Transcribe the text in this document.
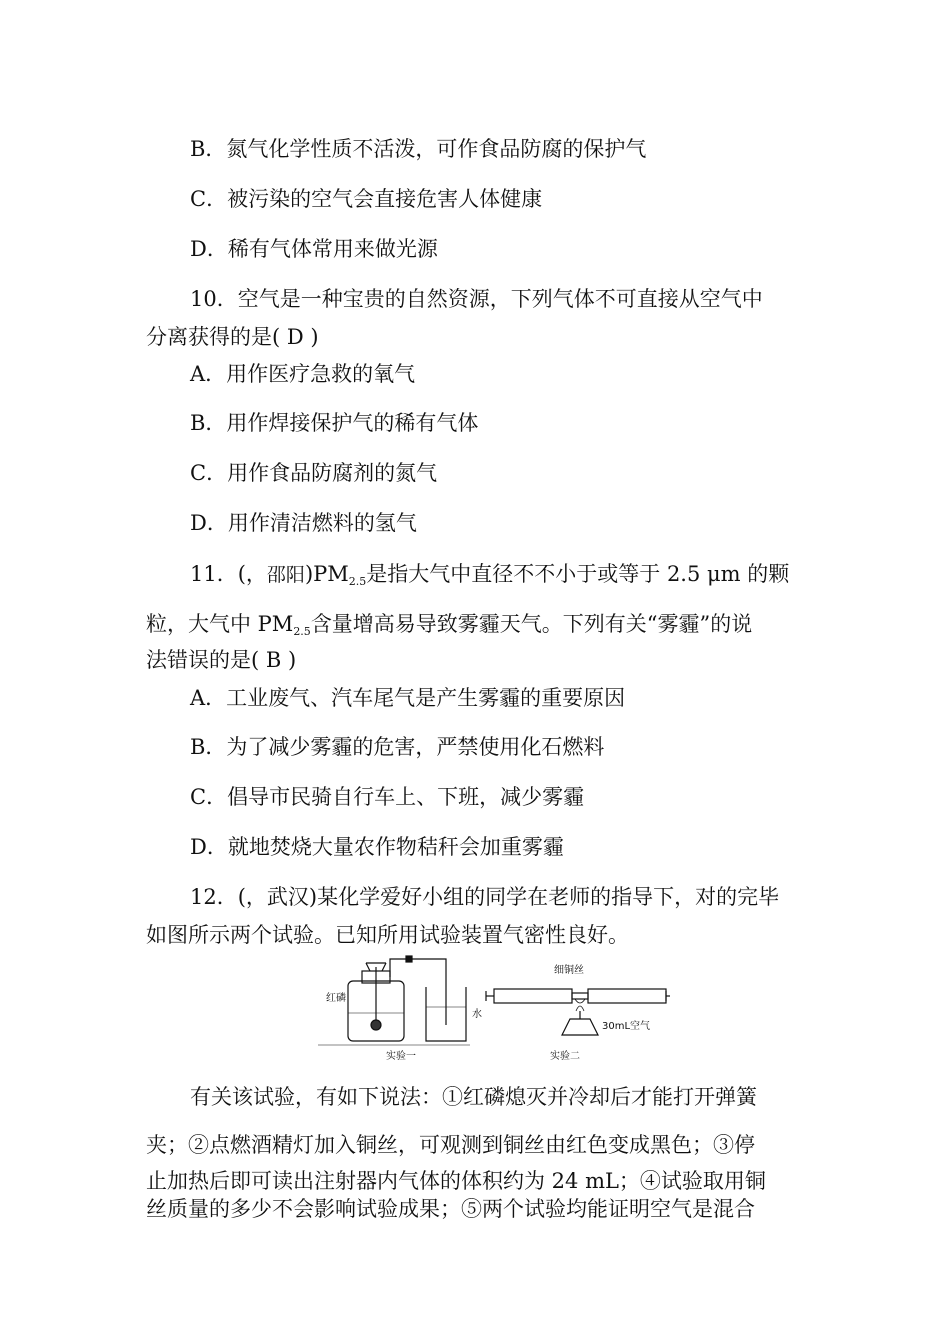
B．氮气化学性质不活泼，可作食品防腐的保护气
C．被污染的空气会直接危害人体健康
D．稀有气体常用来做光源
10．空气是一种宝贵的自然资源，下列气体不可直接从空气中
分离获得的是( D )
A．用作医疗急救的氧气
B．用作焊接保护气的稀有气体
C．用作食品防腐剂的氮气
D．用作清洁燃料的氢气
11．(，邵阳)$PM_{2.5}$是指大气中直径不不小于或等于 2.5 μm 的颗
粒，大气中 $PM_{2.5}$含量增高易导致雾霾天气。下列有关“雾霾”的说
法错误的是( B )
A．工业废气、汽车尾气是产生雾霾的重要原因
B．为了减少雾霾的危害，严禁使用化石燃料
C．倡导市民骑自行车上、下班，减少雾霾
D．就地焚烧大量农作物秸秆会加重雾霾
12．(，武汉)某化学爱好小组的同学在老师的指导下，对的完毕
如图所示两个试验。已知所用试验装置气密性良好。
红磷
水
实验一
细铜丝
30mL空气
实验二
有关该试验，有如下说法：①红磷熄灭并冷却后才能打开弹簧
夹；②点燃酒精灯加入铜丝，可观测到铜丝由红色变成黑色；③停
止加热后即可读出注射器内气体的体积约为 24 mL；④试验取用铜
丝质量的多少不会影响试验成果；⑤两个试验均能证明空气是混合
